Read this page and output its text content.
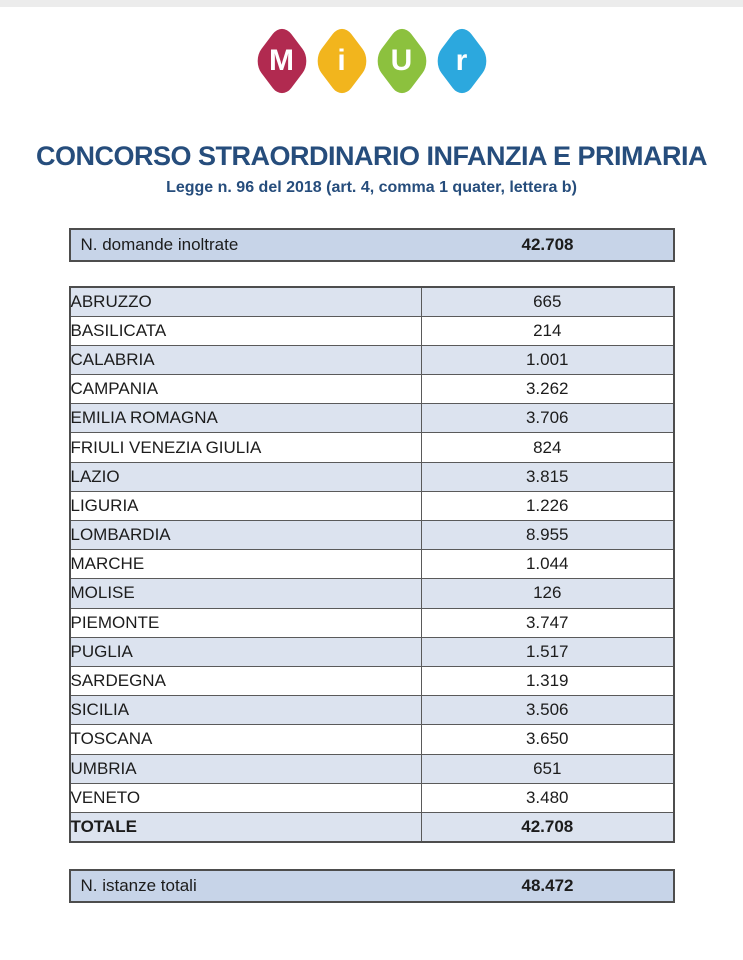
M	i	U	r
CONCORSO STRAORDINARIO INFANZIA E PRIMARIA
Legge n. 96 del 2018 (art. 4, comma 1 quater, lettera b)
N. domande inoltrate	42.708
ABRUZZO	665
BASILICATA	214
CALABRIA	1.001
CAMPANIA	3.262
EMILIA ROMAGNA	3.706
FRIULI VENEZIA GIULIA	824
LAZIO	3.815
LIGURIA	1.226
LOMBARDIA	8.955
MARCHE	1.044
MOLISE	126
PIEMONTE	3.747
PUGLIA	1.517
SARDEGNA	1.319
SICILIA	3.506
TOSCANA	3.650
UMBRIA	651
VENETO	3.480
TOTALE	42.708
N. istanze totali	48.472
